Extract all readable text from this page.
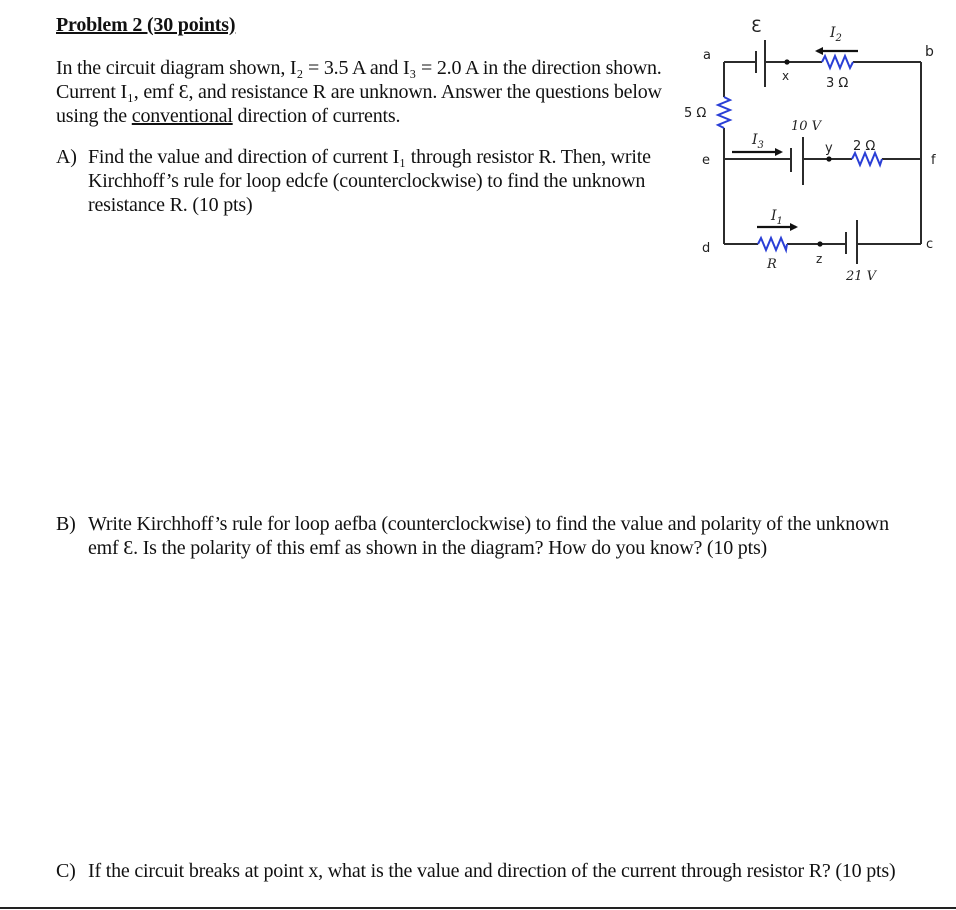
Problem 2 (30 points)
In the circuit diagram shown, I₂ = 3.5 A and I₃ = 2.0 A in the direction shown. Current I₁, emf Ɛ, and resistance R are unknown. Answer the questions below using the conventional direction of currents.
A) Find the value and direction of current I₁ through resistor R. Then, write Kirchhoff’s rule for loop edcfe (counterclockwise) to find the unknown resistance R. (10 pts)
B) Write Kirchhoff’s rule for loop aefba (counterclockwise) to find the value and polarity of the unknown emf Ɛ. Is the polarity of this emf as shown in the diagram? How do you know? (10 pts)
C) If the circuit breaks at point x, what is the value and direction of the current through resistor R? (10 pts)
a	b
e	f
d	c
x
y
z
Ɛ
3 Ω
5 Ω
10 V
2 Ω
R
21 V
$I_2$
$I_3$
$I_1$
